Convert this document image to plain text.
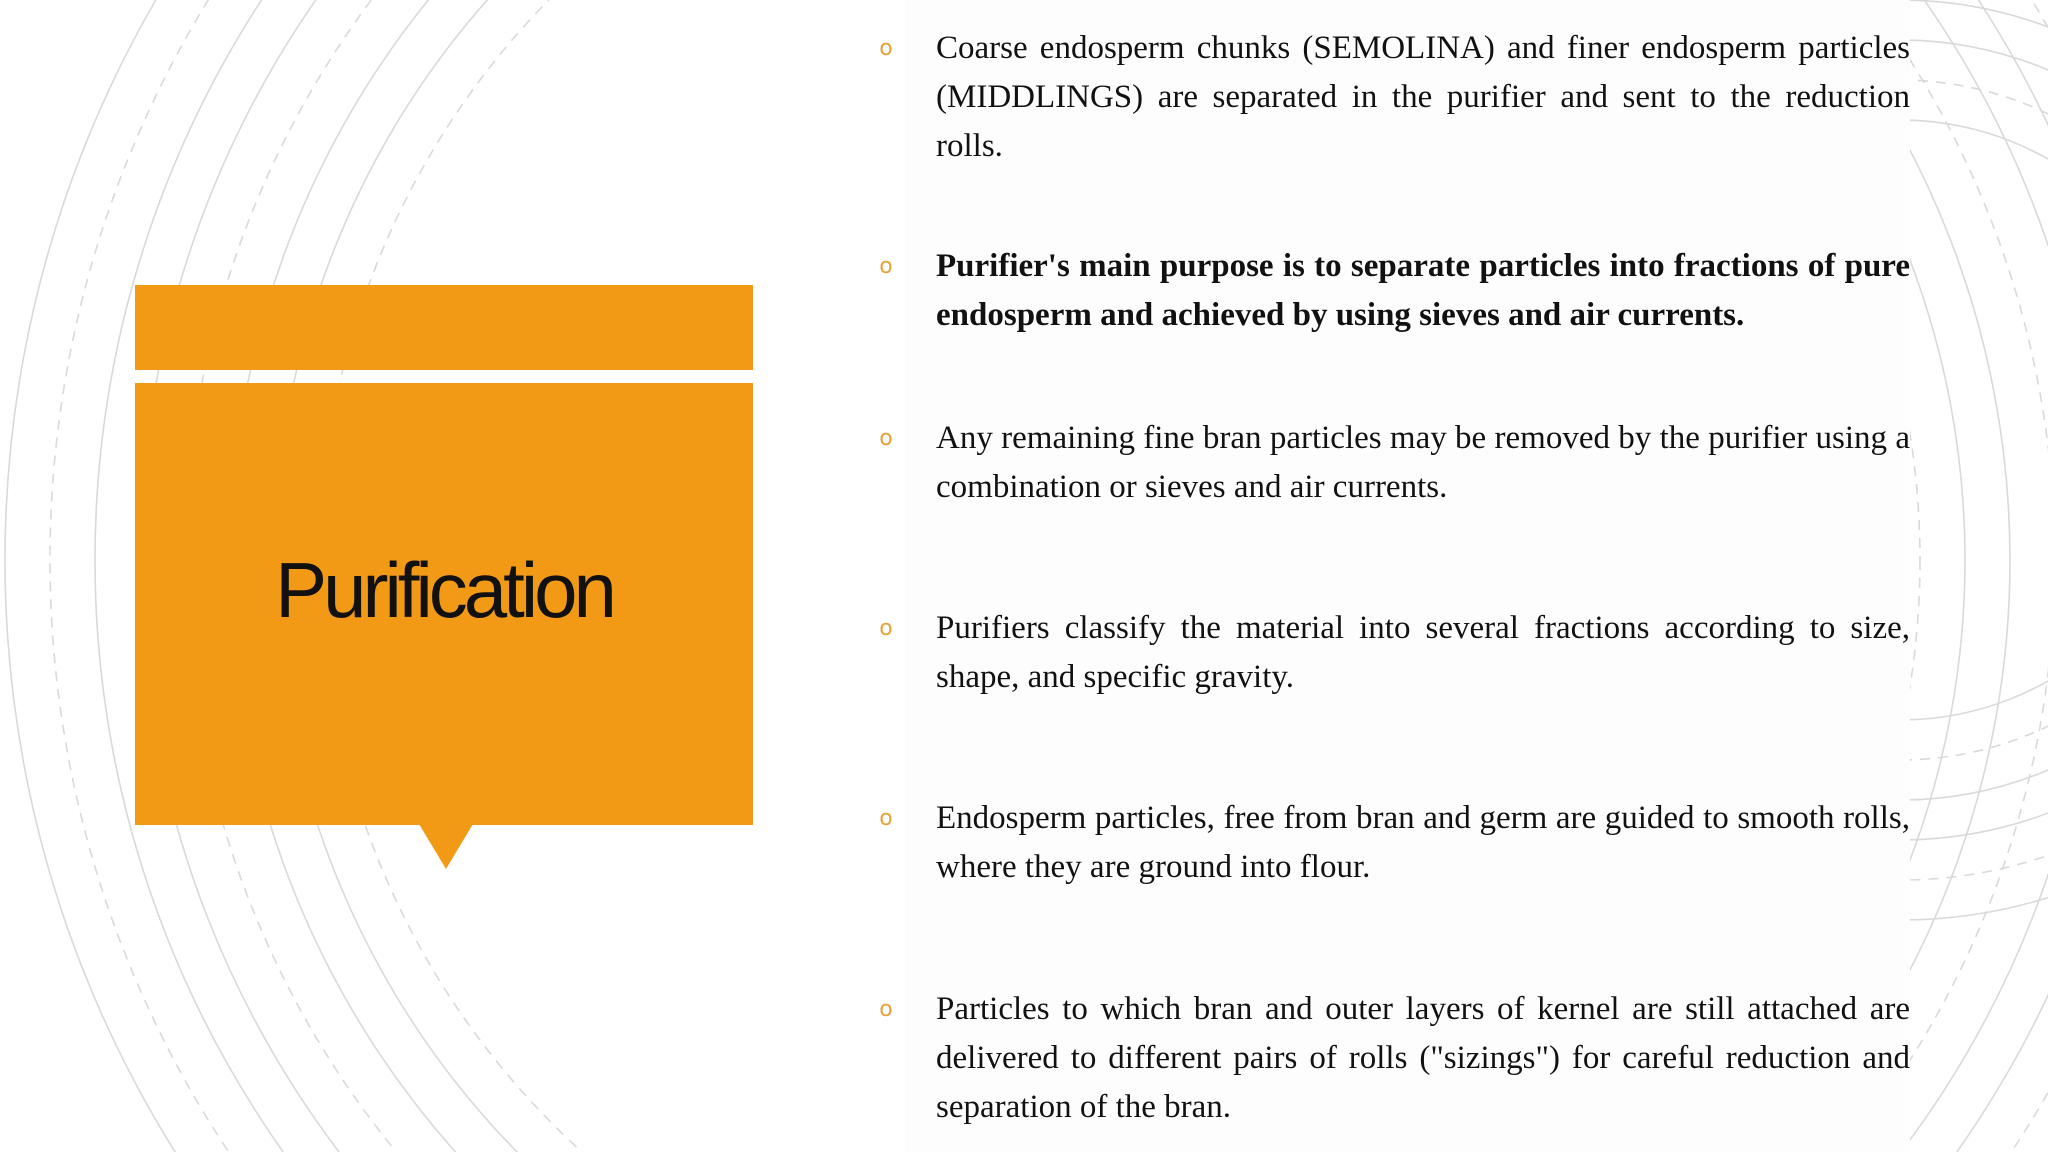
Purification
o Coarse endosperm chunks (SEMOLINA) and finer endosperm particles (MIDDLINGS) are separated in the purifier and sent to the reduction rolls.
o Purifier's main purpose is to separate particles into fractions of pure endosperm and achieved by using sieves and air currents.
o Any remaining fine bran particles may be removed by the purifier using a combination or sieves and air currents.
o Purifiers classify the material into several fractions according to size, shape, and specific gravity.
o Endosperm particles, free from bran and germ are guided to smooth rolls, where they are ground into flour.
o Particles to which bran and outer layers of kernel are still attached are delivered to different pairs of rolls ("sizings") for careful reduction and separation of the bran.
